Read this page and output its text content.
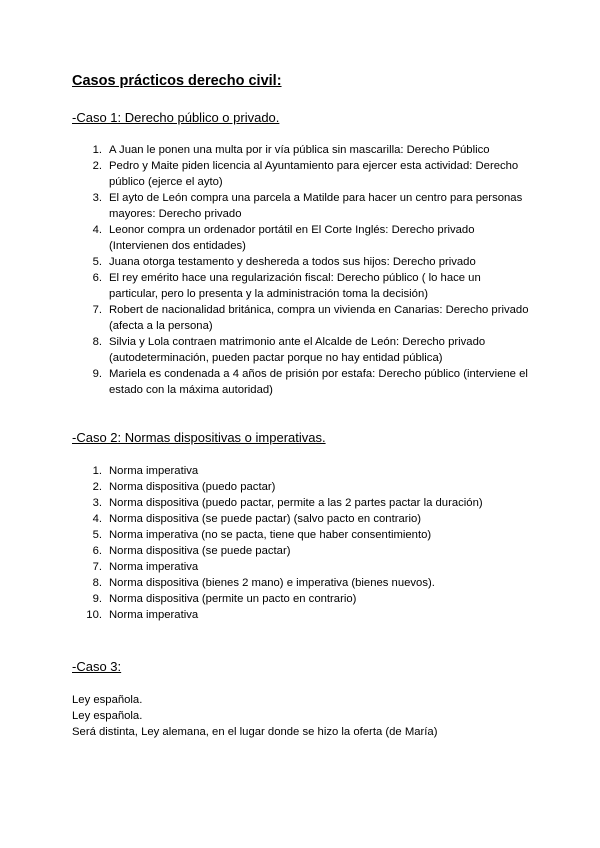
Casos prácticos derecho civil:
-Caso 1: Derecho público o privado.
1. A Juan le ponen una multa por ir vía pública sin mascarilla: Derecho Público
2. Pedro y Maite piden licencia al Ayuntamiento para ejercer esta actividad: Derecho público (ejerce el ayto)
3. El ayto de León compra una parcela a Matilde para hacer un centro para personas mayores: Derecho privado
4. Leonor compra un ordenador portátil en El Corte Inglés: Derecho privado (Intervienen dos entidades)
5. Juana otorga testamento y deshereda a todos sus hijos: Derecho privado
6. El rey emérito hace una regularización fiscal: Derecho público ( lo hace un particular, pero lo presenta y la administración toma la decisión)
7. Robert de nacionalidad británica, compra un vivienda en Canarias: Derecho privado (afecta a la persona)
8. Silvia y Lola contraen matrimonio ante el Alcalde de León: Derecho privado (autodeterminación, pueden pactar porque no hay entidad pública)
9. Mariela es condenada a 4 años de prisión por estafa: Derecho público (interviene el estado con la máxima autoridad)
-Caso 2: Normas dispositivas o imperativas.
1. Norma imperativa
2. Norma dispositiva (puedo pactar)
3. Norma dispositiva (puedo pactar, permite a las 2 partes pactar la duración)
4. Norma dispositiva (se puede pactar) (salvo pacto en contrario)
5. Norma imperativa (no se pacta, tiene que haber consentimiento)
6. Norma dispositiva (se puede pactar)
7. Norma imperativa
8. Norma dispositiva (bienes 2 mano) e imperativa (bienes nuevos).
9. Norma dispositiva (permite un pacto en contrario)
10. Norma imperativa
-Caso 3:
Ley española.
Ley española.
Será distinta, Ley alemana, en el lugar donde se hizo la oferta (de María)
